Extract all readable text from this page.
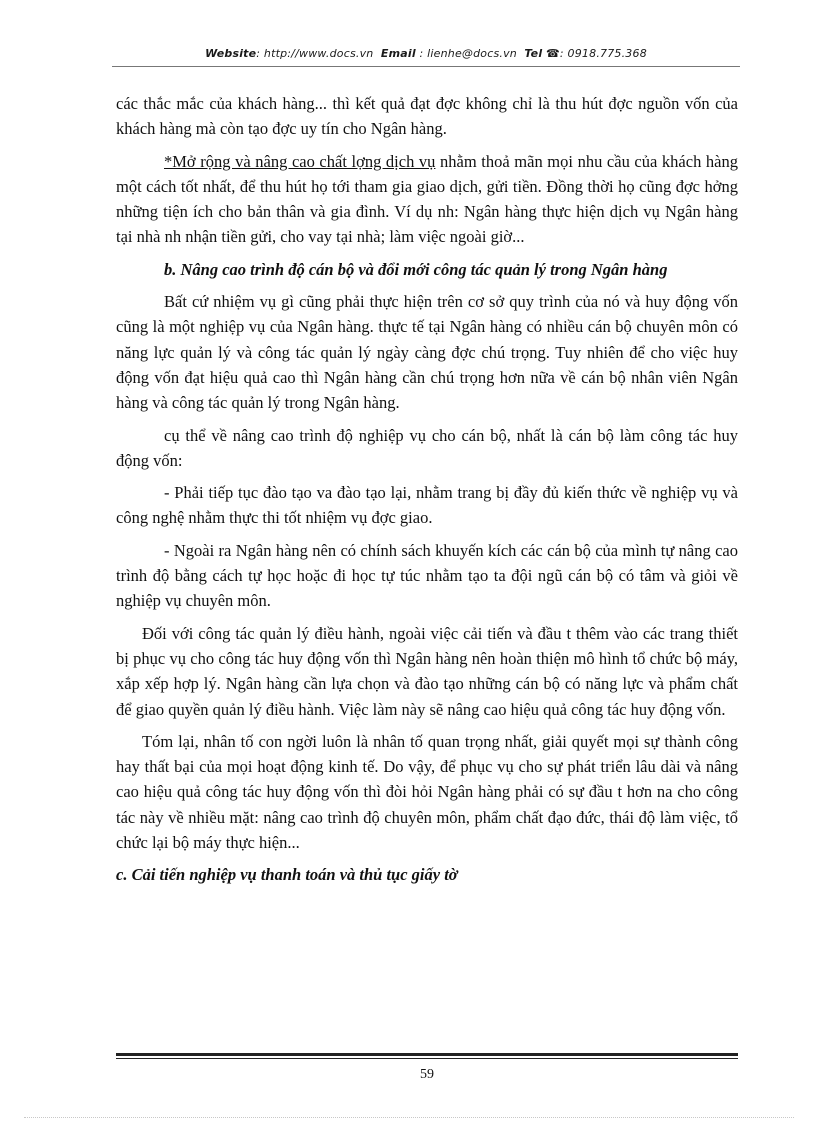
Website: http://www.docs.vn Email : lienhe@docs.vn Tel ☎: 0918.775.368

các thắc mắc của khách hàng... thì kết quả đạt đợc không chỉ là thu hút đợc nguồn vốn của khách hàng mà còn tạo đợc uy tín cho Ngân hàng.

*Mở rộng và nâng cao chất lợng dịch vụ nhằm thoả mãn mọi nhu cầu của khách hàng một cách tốt nhất, để thu hút họ tới tham gia giao dịch, gửi tiền. Đồng thời họ cũng đợc hởng những tiện ích cho bản thân và gia đình. Ví dụ nh: Ngân hàng thực hiện dịch vụ Ngân hàng tại nhà nh nhận tiền gửi, cho vay tại nhà; làm việc ngoài giờ...

b. Nâng cao trình độ cán bộ và đổi mới công tác quản lý trong Ngân hàng

Bất cứ nhiệm vụ gì cũng phải thực hiện trên cơ sở quy trình của nó và huy động vốn cũng là một nghiệp vụ của Ngân hàng. thực tế tại Ngân hàng có nhiều cán bộ chuyên môn có năng lực quản lý và công tác quản lý ngày càng đợc chú trọng. Tuy nhiên để cho việc huy động vốn đạt hiệu quả cao thì Ngân hàng cần chú trọng hơn nữa về cán bộ nhân viên Ngân hàng và công tác quản lý trong Ngân hàng.

cụ thể về nâng cao trình độ nghiệp vụ cho cán bộ, nhất là cán bộ làm công tác huy động vốn:

- Phải tiếp tục đào tạo va đào tạo lại, nhằm trang bị đầy đủ kiến thức về nghiệp vụ và công nghệ nhằm thực thi tốt nhiệm vụ đợc giao.

- Ngoài ra Ngân hàng nên có chính sách khuyến kích các cán bộ của mình tự nâng cao trình độ bằng cách tự học hoặc đi học tự túc nhằm tạo ta đội ngũ cán bộ có tâm và giỏi về nghiệp vụ chuyên môn.

Đối với công tác quản lý điều hành, ngoài việc cải tiến và đầu t thêm vào các trang thiết bị phục vụ cho công tác huy động vốn thì Ngân hàng nên hoàn thiện mô hình tổ chức bộ máy, xắp xếp hợp lý. Ngân hàng cần lựa chọn và đào tạo những cán bộ có năng lực và phẩm chất để giao quyền quản lý điều hành. Việc làm này sẽ nâng cao hiệu quả công tác huy động vốn.

Tóm lại, nhân tố con ngời luôn là nhân tố quan trọng nhất, giải quyết mọi sự thành công hay thất bại của mọi hoạt động kinh tế. Do vậy, để phục vụ cho sự phát triển lâu dài và nâng cao hiệu quả công tác huy động vốn thì đòi hỏi Ngân hàng phải có sự đầu t hơn na cho công tác này về nhiều mặt: nâng cao trình độ chuyên môn, phẩm chất đạo đức, thái độ làm việc, tổ chức lại bộ máy thực hiện...

c. Cải tiến nghiệp vụ thanh toán và thủ tục giấy tờ

59
